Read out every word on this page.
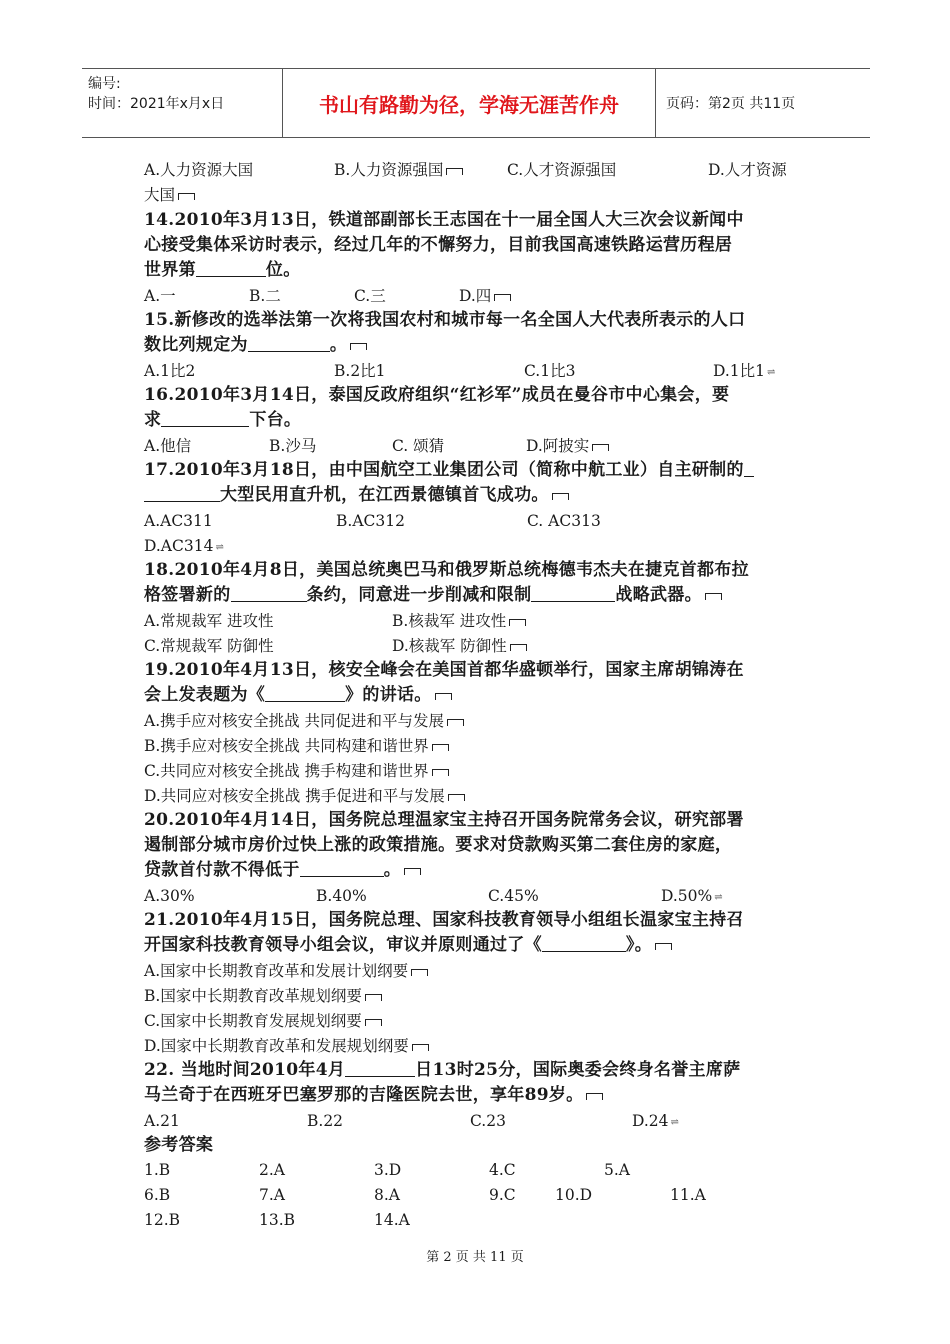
编号:
时间：2021年x月x日	书山有路勤为径，学海无涯苦作舟	页码：第2页 共11页
A.人力资源大国	B.人力资源强国	C.人才资源强国	D.人才资源
大国
14.2010年3月13日，铁道部副部长王志国在十一届全国人大三次会议新闻中
心接受集体采访时表示，经过几年的不懈努力，目前我国高速铁路运营历程居
世界第	位。
A.一	B.二	C.三	D.四
15.新修改的选举法第一次将我国农村和城市每一名全国人大代表所表示的人口
数比列规定为	。
A.1比2	B.2比1	C.1比3	D.1比1 ⇌
16.2010年3月14日，泰国反政府组织“红衫军”成员在曼谷市中心集会，要
求	下台。
A.他信	B.沙马	C. 颂猜	D.阿披实
17.2010年3月18日，由中国航空工业集团公司（简称中航工业）自主研制的
大型民用直升机，在江西景德镇首飞成功。
A.AC311	B.AC312	C. AC313
D.AC314 ⇌
18.2010年4月8日，美国总统奥巴马和俄罗斯总统梅德韦杰夫在捷克首都布拉
格签署新的	条约，同意进一步削减和限制	战略武器。
A.常规裁军 进攻性	B.核裁军 进攻性
C.常规裁军 防御性	D.核裁军 防御性
19.2010年4月13日，核安全峰会在美国首都华盛顿举行，国家主席胡锦涛在
会上发表题为《	》的讲话。
A.携手应对核安全挑战 共同促进和平与发展
B.携手应对核安全挑战 共同构建和谐世界
C.共同应对核安全挑战 携手构建和谐世界
D.共同应对核安全挑战 携手促进和平与发展
20.2010年4月14日，国务院总理温家宝主持召开国务院常务会议，研究部署
遏制部分城市房价过快上涨的政策措施。要求对贷款购买第二套住房的家庭，
贷款首付款不得低于	。
A.30%	B.40%	C.45%	D.50% ⇌
21.2010年4月15日，国务院总理、国家科技教育领导小组组长温家宝主持召
开国家科技教育领导小组会议，审议并原则通过了《	》。
A.国家中长期教育改革和发展计划纲要
B.国家中长期教育改革规划纲要
C.国家中长期教育发展规划纲要
D.国家中长期教育改革和发展规划纲要
22. 当地时间2010年4月	日13时25分，国际奥委会终身名誉主席萨
马兰奇于在西班牙巴塞罗那的吉隆医院去世，享年89岁。
A.21	B.22	C.23	D.24 ⇌
参考答案
1.B	2.A	3.D	4.C	5.A
6.B	7.A	8.A	9.C	10.D	11.A
12.B	13.B	14.A
第 2 页 共 11 页
